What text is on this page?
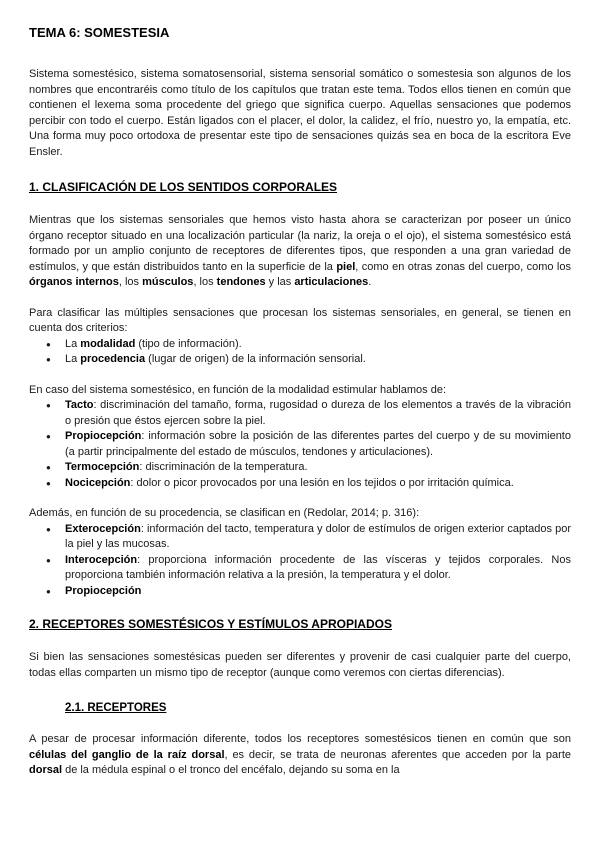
TEMA 6: SOMESTESIA

Sistema somestésico, sistema somatosensorial, sistema sensorial somático o somestesia son algunos de los nombres que encontraréis como título de los capítulos que tratan este tema. Todos ellos tienen en común que contienen el lexema soma procedente del griego que significa cuerpo. Aquellas sensaciones que podemos percibir con todo el cuerpo. Están ligados con el placer, el dolor, la calidez, el frío, nuestro yo, la empatía, etc. Una forma muy poco ortodoxa de presentar este tipo de sensaciones quizás sea en boca de la escritora Eve Ensler.

1. CLASIFICACIÓN DE LOS SENTIDOS CORPORALES

Mientras que los sistemas sensoriales que hemos visto hasta ahora se caracterizan por poseer un único órgano receptor situado en una localización particular (la nariz, la oreja o el ojo), el sistema somestésico está formado por un amplio conjunto de receptores de diferentes tipos, que responden a una gran variedad de estímulos, y que están distribuidos tanto en la superficie de la piel, como en otras zonas del cuerpo, como los órganos internos, los músculos, los tendones y las articulaciones.

Para clasificar las múltiples sensaciones que procesan los sistemas sensoriales, en general, se tienen en cuenta dos criterios:

● La modalidad (tipo de información).
● La procedencia (lugar de origen) de la información sensorial.

En caso del sistema somestésico, en función de la modalidad estimular hablamos de:

● Tacto: discriminación del tamaño, forma, rugosidad o dureza de los elementos a través de la vibración o presión que éstos ejercen sobre la piel.
● Propiocepción: información sobre la posición de las diferentes partes del cuerpo y de su movimiento (a partir principalmente del estado de músculos, tendones y articulaciones).
● Termocepción: discriminación de la temperatura.
● Nocicepción: dolor o picor provocados por una lesión en los tejidos o por irritación química.

Además, en función de su procedencia, se clasifican en (Redolar, 2014; p. 316):

● Exterocepción: información del tacto, temperatura y dolor de estímulos de origen exterior captados por la piel y las mucosas.
● Interocepción: proporciona información procedente de las vísceras y tejidos corporales. Nos proporciona también información relativa a la presión, la temperatura y el dolor.
● Propiocepción
2. RECEPTORES SOMESTÉSICOS Y ESTÍMULOS APROPIADOS

Si bien las sensaciones somestésicas pueden ser diferentes y provenir de casi cualquier parte del cuerpo, todas ellas comparten un mismo tipo de receptor (aunque como veremos con ciertas diferencias).

2.1. RECEPTORES

A pesar de procesar información diferente, todos los receptores somestésicos tienen en común que son células del ganglio de la raíz dorsal, es decir, se trata de neuronas aferentes que acceden por la parte dorsal de la médula espinal o el tronco del encéfalo, dejando su soma en la
